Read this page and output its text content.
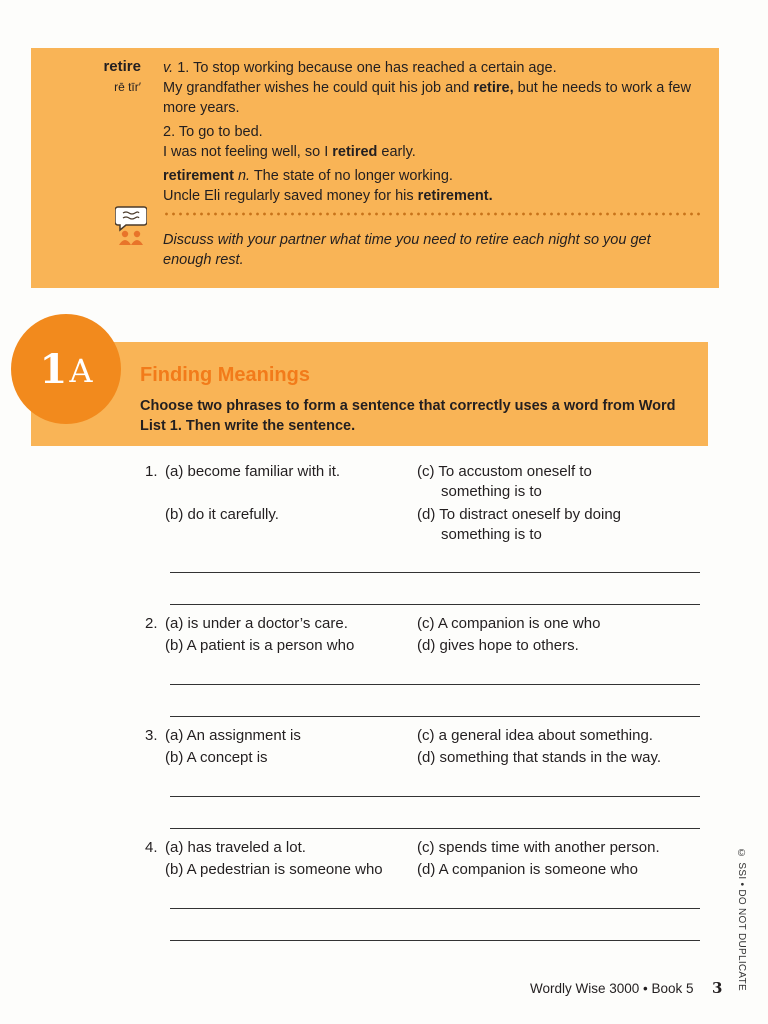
retire
rē tīr′

v. 1. To stop working because one has reached a certain age.

My grandfather wishes he could quit his job and retire, but he needs to work a few more years.

2. To go to bed.

I was not feeling well, so I retired early.

retirement n. The state of no longer working.

Uncle Eli regularly saved money for his retirement.

Discuss with your partner what time you need to retire each night so you get enough rest.
1 A Finding Meanings
Choose two phrases to form a sentence that correctly uses a word from Word List 1. Then write the sentence.
1. (a) become familiar with it.
(b) do it carefully.
(c) To accustom oneself to
something is to
(d) To distract oneself by doing
something is to
2. (a) is under a doctor’s care.
(b) A patient is a person who
(c) A companion is one who
(d) gives hope to others.
3. (a) An assignment is
(b) A concept is
(c) a general idea about something.
(d) something that stands in the way.
4. (a) has traveled a lot.
(b) A pedestrian is someone who
(c) spends time with another person.
(d) A companion is someone who	© SSI • DO NOT DUPLICATE
Wordly Wise 3000 • Book 5 3
